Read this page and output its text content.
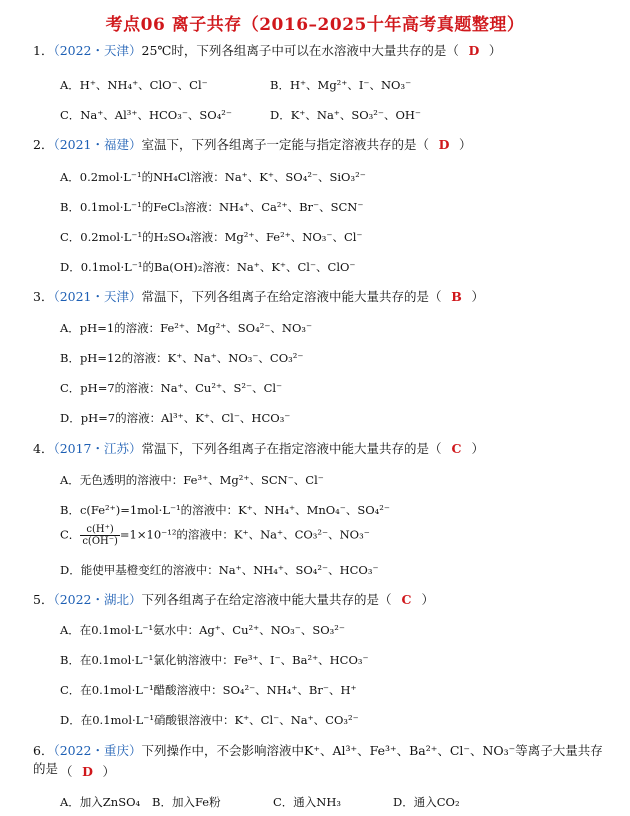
考点06 离子共存（2016–2025十年高考真题整理）
1．（2022・天津）25℃时，下列各组离子中可以在水溶液中大量共存的是（ D ）
A．H⁺、NH₄⁺、ClO⁻、Cl⁻	B．H⁺、Mg²⁺、I⁻、NO₃⁻
C．Na⁺、Al³⁺、HCO₃⁻、SO₄²⁻	D．K⁺、Na⁺、SO₃²⁻、OH⁻
2．（2021・福建）室温下，下列各组离子一定能与指定溶液共存的是（ D ）
A．0.2mol·L⁻¹的NH₄Cl溶液：Na⁺、K⁺、SO₄²⁻、SiO₃²⁻
B．0.1mol·L⁻¹的FeCl₃溶液：NH₄⁺、Ca²⁺、Br⁻、SCN⁻
C．0.2mol·L⁻¹的H₂SO₄溶液：Mg²⁺、Fe²⁺、NO₃⁻、Cl⁻
D．0.1mol·L⁻¹的Ba(OH)₂溶液：Na⁺、K⁺、Cl⁻、ClO⁻
3．（2021・天津）常温下，下列各组离子在给定溶液中能大量共存的是（ B ）
A．pH=1的溶液：Fe²⁺、Mg²⁺、SO₄²⁻、NO₃⁻
B．pH=12的溶液：K⁺、Na⁺、NO₃⁻、CO₃²⁻
C．pH=7的溶液：Na⁺、Cu²⁺、S²⁻、Cl⁻
D．pH=7的溶液：Al³⁺、K⁺、Cl⁻、HCO₃⁻
4．（2017・江苏）常温下，下列各组离子在指定溶液中能大量共存的是（ C ）
A．无色透明的溶液中：Fe³⁺、Mg²⁺、SCN⁻、Cl⁻
B．c(Fe²⁺)=1mol·L⁻¹的溶液中：K⁺、NH₄⁺、MnO₄⁻、SO₄²⁻
C． $\frac{c(H^+)}{c(OH^-)} =1\times 10^{-12}$的溶液中：K⁺、Na⁺、CO₃²⁻、NO₃⁻
D．能使甲基橙变红的溶液中：Na⁺、NH₄⁺、SO₄²⁻、HCO₃⁻
5．（2022・湖北）下列各组离子在给定溶液中能大量共存的是（ C ）
A．在0.1mol·L⁻¹氨水中：Ag⁺、Cu²⁺、NO₃⁻、SO₃²⁻
B．在0.1mol·L⁻¹氯化钠溶液中：Fe³⁺、I⁻、Ba²⁺、HCO₃⁻
C．在0.1mol·L⁻¹醋酸溶液中：SO₄²⁻、NH₄⁺、Br⁻、H⁺
D．在0.1mol·L⁻¹硝酸银溶液中：K⁺、Cl⁻、Na⁺、CO₃²⁻
6．（2022・重庆）下列操作中，不会影响溶液中K⁺、Al³⁺、Fe³⁺、Ba²⁺、Cl⁻、NO₃⁻等离子大量共存的是 （ D ）
A．加入ZnSO₄ B．加入Fe粉	C．通入NH₃	D．通入CO₂
